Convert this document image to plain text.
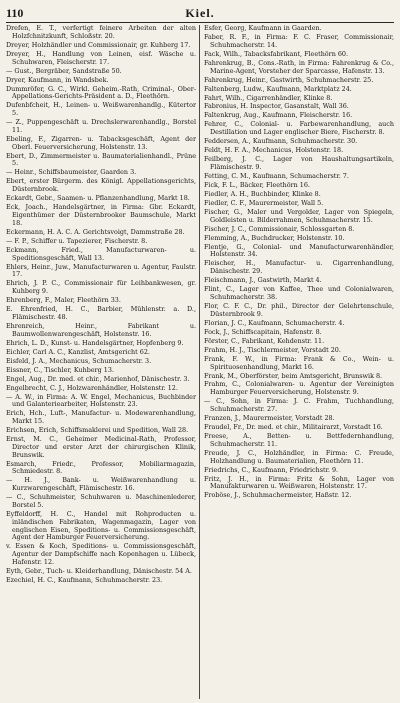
110	Kiel.

Drefen, E. T., verfertigt feinere Arbeiten der alten Holzfchnitzkunft, Schloßstr. 20.

Dreyer, Holzhändler und Commissionair, gr. Kuhberg 17.

Dreyer, H., Handlung von Leinen, eisf. Wäsche u. Schuhwaren, Fleischerstr. 17.

— Gust., Bergräber, Sandstraße 50.

Dryer, Kaufmann, in Wandsbek.

Dummröfer, G. C., Wirkl. Geheim.-Rath, Criminal-, Ober-Appellations-Gerichts-Präsident a. D., Fleethörn.

Dufenbfcheit, H., Leinen- u. Weißwarenhandlg., Kütertor 5.

— Z., Puppengeschäft u. Drechslerwarenhandlg., Borstel 11.

Ebeling, F., Zigarren- u. Tabacksgeschäft, Agent der Oberl. Feuerversicherung, Holstenstr. 13.

Ebert, D., Zimmermeister u. Baumaterialienhandl., Prüne 5.

— Heinr., Schiffsbaumeister, Gaarden 3.

Ebert, erster Bürgerm. des Königl. Appellationsgerichts, Düsternbrook.

Eckardt, Gebr., Saamen- u. Pflanzenhandlung, Markt 18.

Eck, Joach., Handelsgärtner, in Firma: Gbr. Eckardt, Eigenthümer der Düsternbrooker Baumschule, Markt 18.

Eckermann, H. A. C. A. Gerichtsvoigt, Dammstraße 28.

— F. P., Schiffer u. Tapezierer, Fischerstr. 8.

Eckmann, Fried., Manufacturwaren- u. Speditionsgeschäft, Wall 13.

Ehlers, Heinr., Juw., Manufacturwaren u. Agentur, Faulstr. 17.

Ehrich, J. P. C., Commissionair für Leihbankwesen, gr. Kuhberg 9.

Ehrenberg, F., Maler, Fleethörn 33.

E. Ehrenfried, H. C., Barbier, Mühlenstr. a. D., Flämischestr. 48.

Ehrenreich, Heinr., Fabrikant u. Baumwollenwarengeschäft, Holstenstr. 16.

Ehrich, L. D., Kunst- u. Handelsgärtner, Hopfenberg 9.

Eichler, Carl A. C., Kanzlist, Amtsgericht 62.

Eisfeld, J. A., Mechanicus, Schumacherstr. 3.

Eissner, C., Tischler, Kuhberg 13.

Engel, Aug., Dr. med. et chir., Marienhof, Dänischestr. 3.

Engelbrecht, C. J., Holzwarenhändler, Holstenstr. 12.

— A. W., in Firma: A. W. Engel, Mechanicus, Buchbinder und Galanteriearbeiter, Holstenstr. 23.

Erich, Hch., Luft-, Manufactur- u. Modewarenhandlung, Markt 15.

Erichsen, Erich, Schiffsmaklerei und Spedition, Wall 28.

Ernst, M. C., Geheimer Medicinal-Rath, Professor, Director und erster Arzt der chirurgischen Klinik, Brunswik.

Esmarch, Friedr., Professor, Mobiliarmagazin, Schmiedestr. 8.

— H. J., Bank- u. Weißwarenhandlung u. Kurzwarengeschäft, Flämischestr. 16.

— C., Schuhmeister, Schuhwaren u. Maschinenlederer, Borstel 5.

Eyffeldorff, H. C., Handel mit Rohproducten u. inländischen Fabrikaten, Wagenmagazin, Lager von englischen Eisen, Speditions- u. Commissionsgeschäft, Agent der Hamburger Feuerversicherung.

v. Essen & Koch, Speditions- u. Commissionsgeschäft, Agentur der Dampfschiffe nach Kopenhagen u. Lübeck, Hafenstr. 12.

Eyth, Gebr., Tuch- u. Kleiderhandlung, Dänischestr. 54 A.

Ezechiel, H. C., Kaufmann, Schuhmacherstr. 23.

Esfer, Georg, Kaufmann in Gaarden.

Faber, R. F., in Firma: F. C. Fraser, Commissionair, Schuhmacherstr. 14.

Fack, Wilh., Tabacksfabrikant, Fleethörn 60.

Fahrenkrug, B., Cons.-Rath, in Firma: Fahrenkrug & Co., Marine-Agent, Vorsteher der Sparcasse, Hafenstr. 13.

Fahrenkrug, Heinr., Gastwirth, Schuhmacherstr. 25.

Faltenberg, Ludw., Kaufmann, Marktplatz 24.

Fahrt, Wilh., Cigarrenhändler, Klinke 8.

Fabronius, H. Inspector, Gasanstalt, Wall 36.

Faltenkrug, Aug., Kaufmann, Fleischerstr. 16.

Fehrer, C., Colonial- u. Farbewarenhandlung, auch Destillation und Lager englischer Biere, Fischerstr. 8.

Feddersen, A., Kaufmann, Schuhmacherstr. 30.

Feldt, H. F. A., Mechanicus, Holstenstr. 18.

Feilberg, J. C., Lager von Haushaltungsartikeln, Flämischestr. 9.

Fetting, C. M., Kaufmann, Schumacherstr. 7.

Fick, F. L., Bäcker, Fleethörn 16.

Fiedler, A. H., Buchbinder, Klinke 8.

Fiedler, C. F., Maurermeister, Wall 5.

Fischer, G., Maler und Vergolder, Lager von Spiegeln, Goldleisten u. Bilderrahmen, Schuhmacherstr. 15.

Fischer, J. C., Commissionair, Schlossgarten 8.

Flemming, A., Buchdrucker, Holstenstr. 10.

Flentje, G., Colonial- und Manufacturwarenhändler, Holstenstr. 34.

Fleischer, H., Manufactur- u. Cigarrenhandlung, Dänischestr. 29.

Fleischmann, J., Gastwirth, Markt 4.

Flint, C., Lager von Kaffee, Thee und Colonialwaren, Schuhmacherstr. 38.

Flor, C. F. C., Dr. phil., Director der Gelehrtenschule, Düsternbrook 9.

Florian, J. C., Kaufmann, Schumacherstr. 4.

Fock, J., Schiffscapitain, Hafenstr. 8.

Förster, C., Fabrikant, Kehdenstr. 11.

Frahm, H. J., Tischlermeister, Vorstadt 20.

Frank, F. W., in Firma: Frank & Co., Wein- u. Spirituosenhandlung, Markt 16.

Frank, M., Oberförster, beim Amtsgericht, Brunswik 8.

Frahm, C., Colonialwaren- u. Agentur der Vereinigten Hamburger Feuerversicherung, Holstenstr. 9.

— C., Sohn, in Firma: J. C. Frahm, Tuchhandlung, Schuhmacherstr. 27.

Franzen, J., Maurermeister, Vorstadt 28.

Fraudel, Fr., Dr. med. et chir., Militairarzt, Vorstadt 16.

Freese, A., Betten- u. Bettfedernhandlung, Schuhmacherstr. 11.

Freude, J. C., Holzhändler, in Firma: C. Freude, Holzhandlung u. Baumaterialien, Fleethörn 11.

Friedrichs, C., Kaufmann, Friedrichstr. 9.

Fritz, J. H., in Firma: Fritz & Sohn, Lager von Manufakturwaren u. Weißwaren, Holstenstr. 17.

Froböse, J., Schuhmachermeister, Haßstr. 12.
